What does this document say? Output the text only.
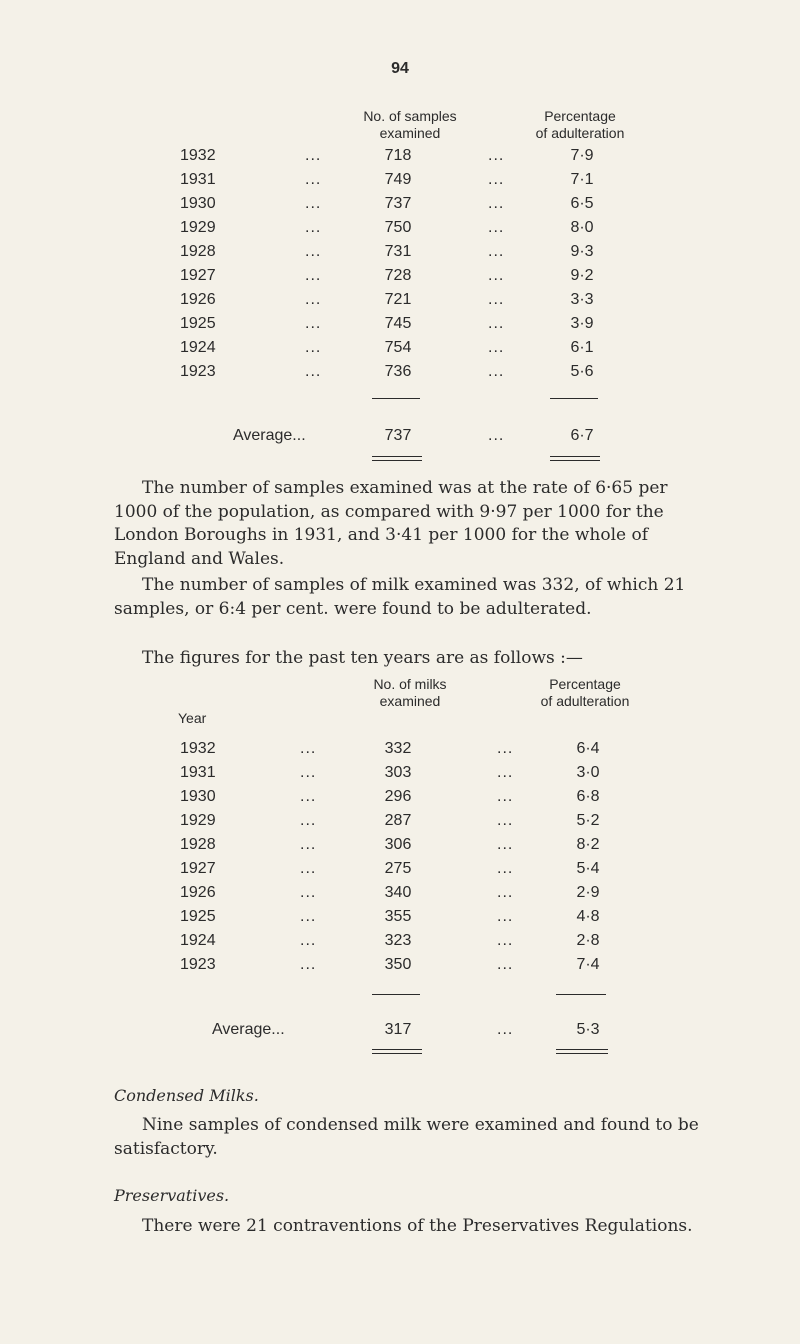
94
No. of samples
examined
Percentage
of adulteration
1932	...	718	...	7·9
1931	...	749	...	7·1
1930	...	737	...	6·5
1929	...	750	...	8·0
1928	...	731	...	9·3
1927	...	728	...	9·2
1926	...	721	...	3·3
1925	...	745	...	3·9
1924	...	754	...	6·1
1923	...	736	...	5·6
Average...	737	...	6·7

The number of samples examined was at the rate of 6·65 per 1000 of the population, as compared with 9·97 per 1000 for the London Boroughs in 1931, and 3·41 per 1000 for the whole of England and Wales.

The number of samples of milk examined was 332, of which 21 samples, or 6:4 per cent. were found to be adulterated.

The figures for the past ten years are as follows :—

Year
No. of milks
examined
Percentage
of adulteration
1932	...	332	...	6·4
1931	...	303	...	3·0
1930	...	296	...	6·8
1929	...	287	...	5·2
1928	...	306	...	8·2
1927	...	275	...	5·4
1926	...	340	...	2·9
1925	...	355	...	4·8
1924	...	323	...	2·8
1923	...	350	...	7·4
Average...	317	...	5·3
Condensed Milks.

Nine samples of condensed milk were examined and found to be satisfactory.

Preservatives.

There were 21 contraventions of the Preservatives Regulations.
